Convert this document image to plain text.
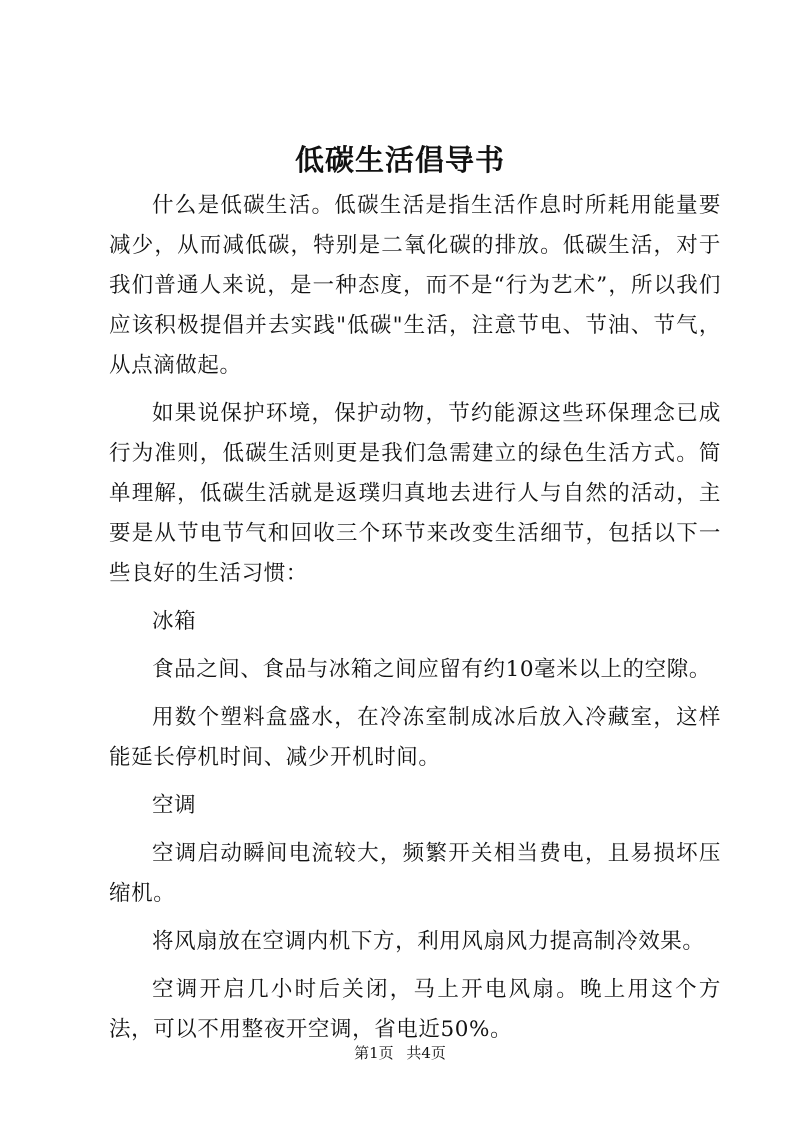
低碳生活倡导书

什么是低碳生活。低碳生活是指生活作息时所耗用能量要减少，从而减低碳，特别是二氧化碳的排放。低碳生活，对于我们普通人来说，是一种态度，而不是“行为艺术”，所以我们应该积极提倡并去实践"低碳"生活，注意节电、节油、节气，从点滴做起。

如果说保护环境，保护动物，节约能源这些环保理念已成行为准则，低碳生活则更是我们急需建立的绿色生活方式。简单理解，低碳生活就是返璞归真地去进行人与自然的活动，主要是从节电节气和回收三个环节来改变生活细节，包括以下一些良好的生活习惯：

冰箱

食品之间、食品与冰箱之间应留有约10毫米以上的空隙。

用数个塑料盒盛水，在冷冻室制成冰后放入冷藏室，这样能延长停机时间、减少开机时间。

空调

空调启动瞬间电流较大，频繁开关相当费电，且易损坏压缩机。

将风扇放在空调内机下方，利用风扇风力提高制冷效果。

空调开启几小时后关闭，马上开电风扇。晚上用这个方法，可以不用整夜开空调，省电近50%。

第1页 共4页
